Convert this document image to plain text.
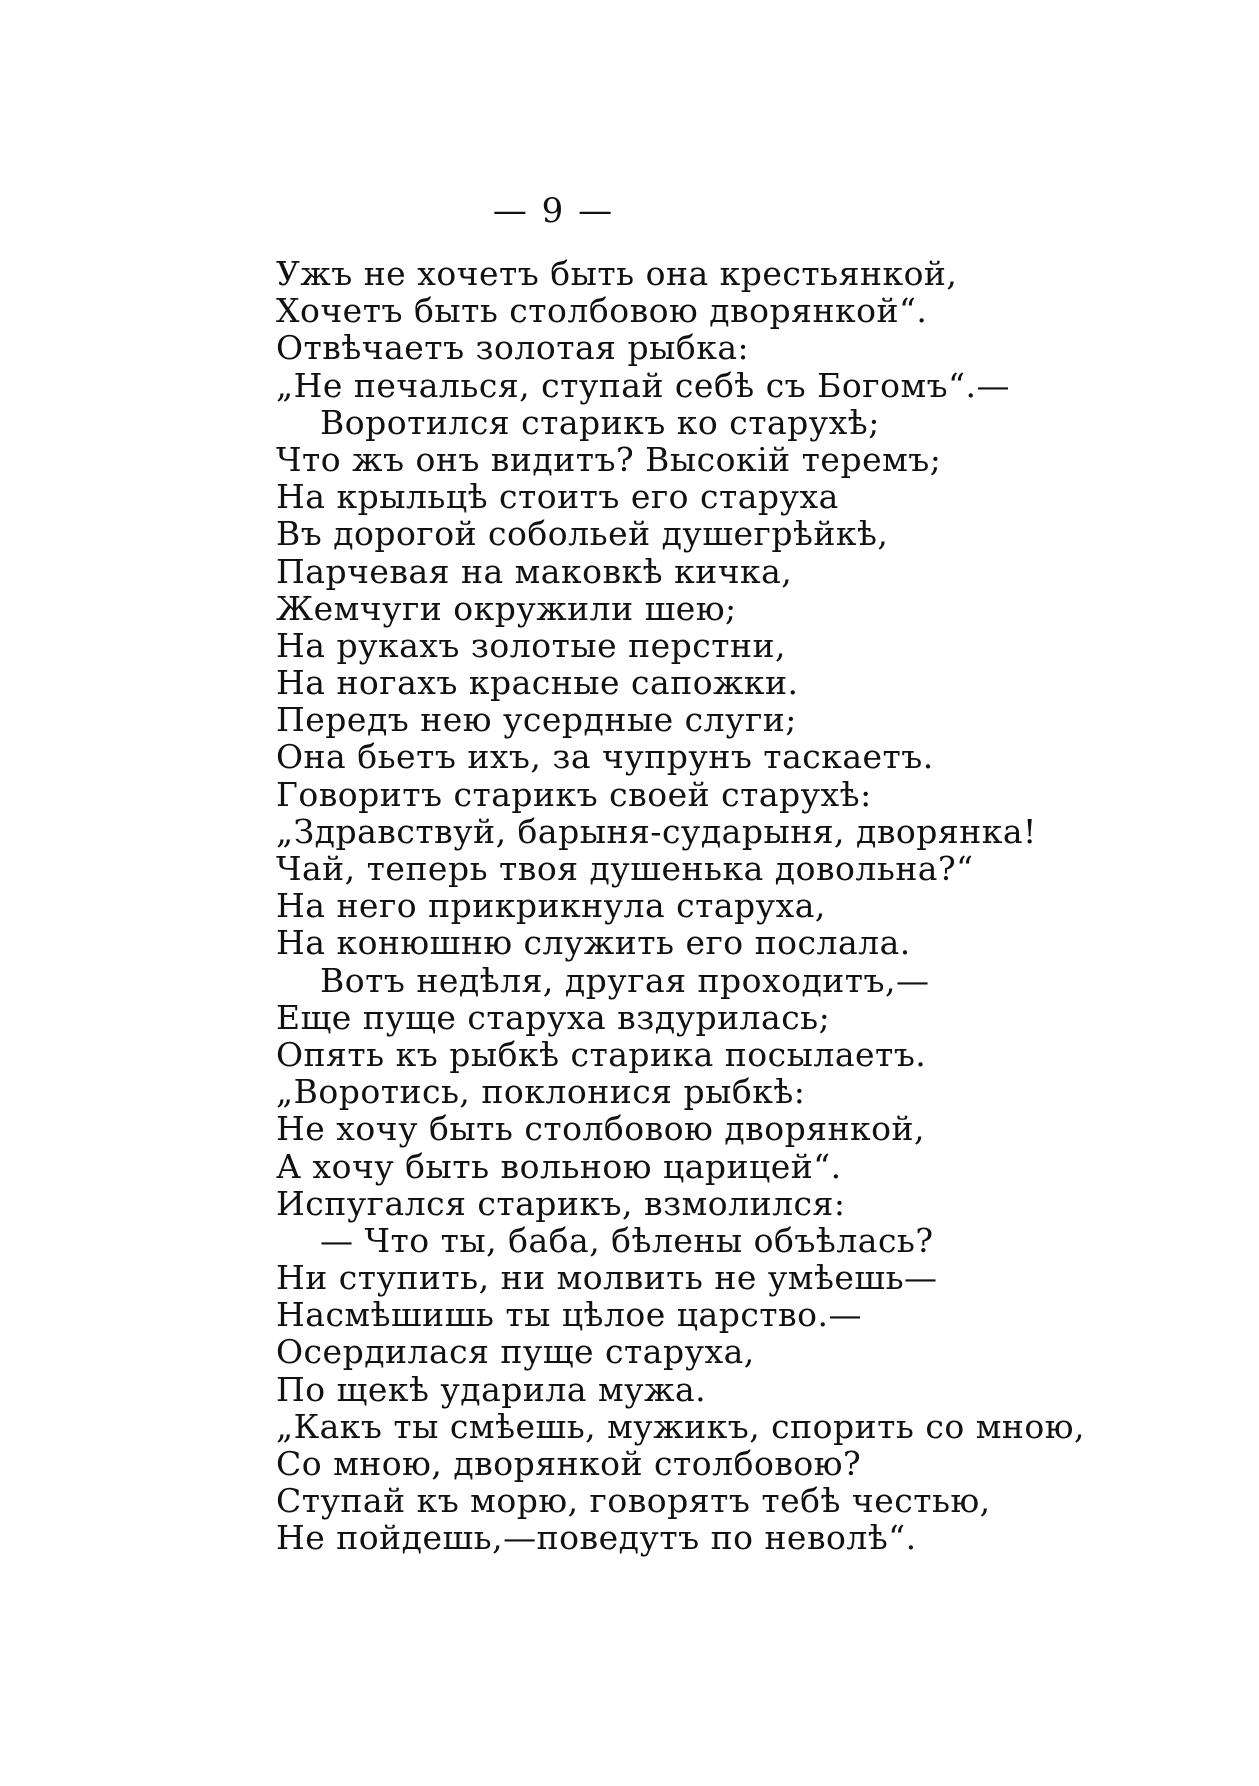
— 9 —
Ужъ не хочетъ быть она крестьянкой,
Хочетъ быть столбовою дворянкой“.
Отвѣчаетъ золотая рыбка:
„Не печалься, ступай себѣ съ Богомъ“.—
Воротился старикъ ко старухѣ;
Что жъ онъ видитъ? Высокій теремъ;
На крыльцѣ стоитъ его старуха
Въ дорогой собольей душегрѣйкѣ,
Парчевая на маковкѣ кичка,
Жемчуги окружили шею;
На рукахъ золотые перстни,
На ногахъ красные сапожки.
Передъ нею усердные слуги;
Она бьетъ ихъ, за чупрунъ таскаетъ.
Говоритъ старикъ своей старухѣ:
„Здравствуй, барыня-сударыня, дворянка!
Чай, теперь твоя душенька довольна?“
На него прикрикнула старуха,
На конюшню служить его послала.
Вотъ недѣля, другая проходитъ,—
Еще пуще старуха вздурилась;
Опять къ рыбкѣ старика посылаетъ.
„Воротись, поклонися рыбкѣ:
Не хочу быть столбовою дворянкой,
А хочу быть вольною царицей“.
Испугался старикъ, взмолился:
— Что ты, баба, бѣлены объѣлась?
Ни ступить, ни молвить не умѣешь—
Насмѣшишь ты цѣлое царство.—
Осердилася пуще старуха,
По щекѣ ударила мужа.
„Какъ ты смѣешь, мужикъ, спорить со мною,
Со мною, дворянкой столбовою?
Ступай къ морю, говорятъ тебѣ честью,
Не пойдешь,—поведутъ по неволѣ“.
